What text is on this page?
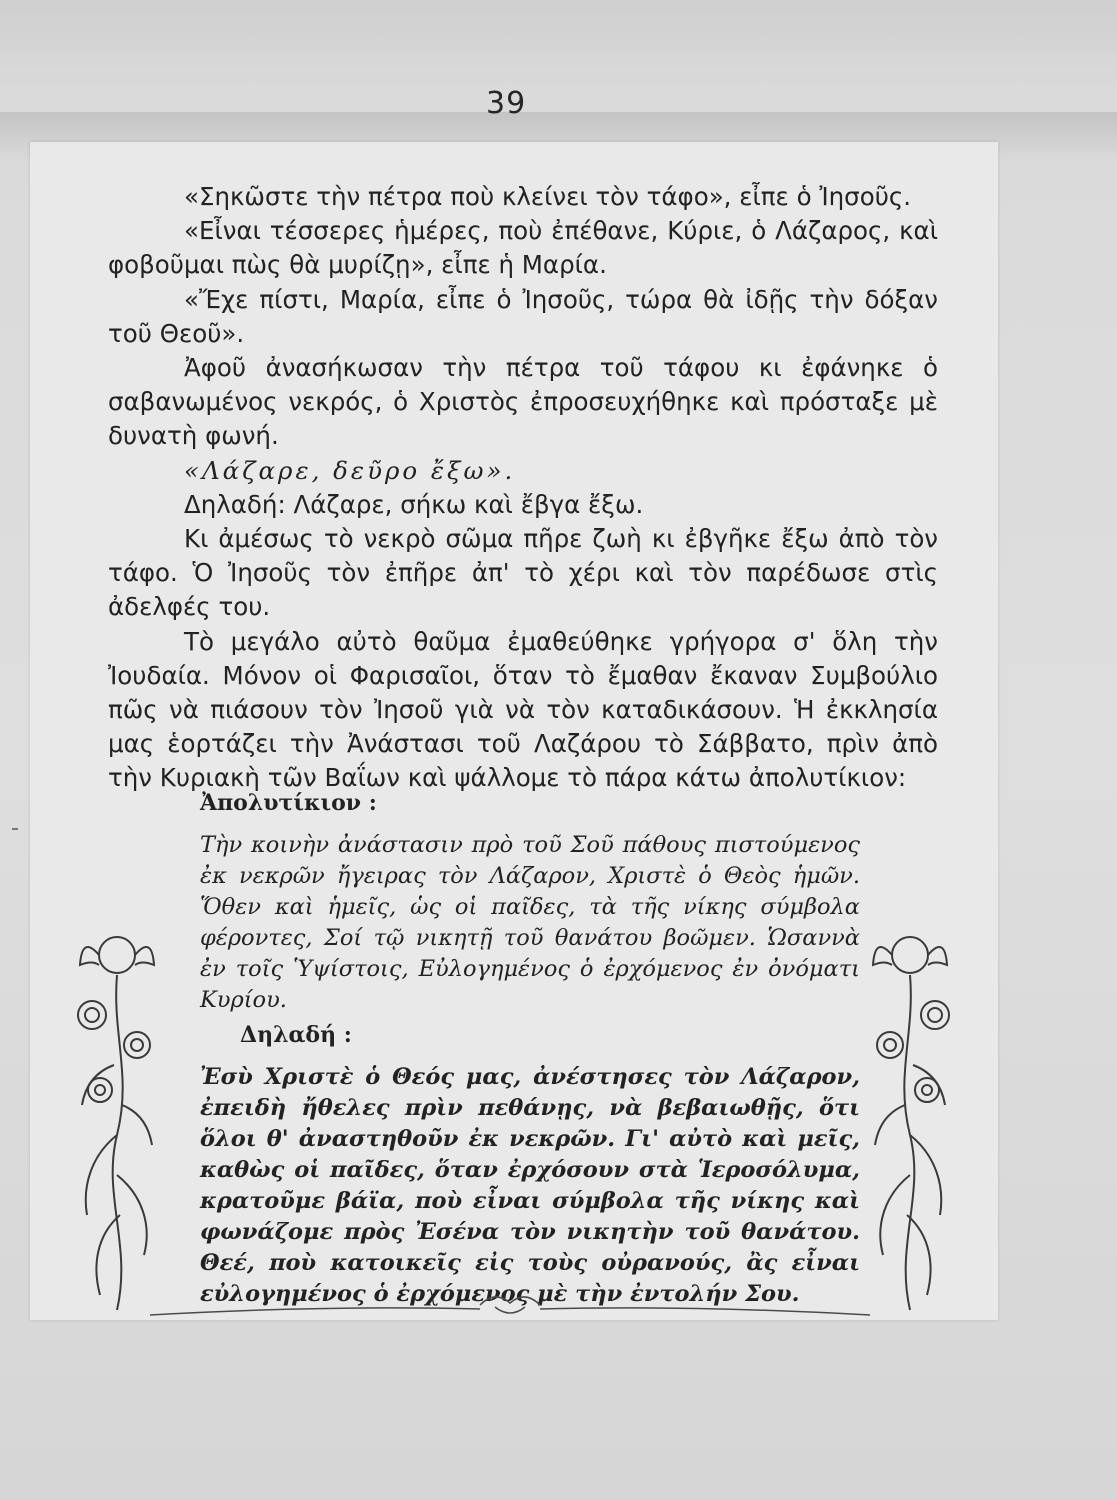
39

«Σηκῶστε τὴν πέτρα ποὺ κλείνει τὸν τάφο», εἶπε ὁ Ἰησοῦς.

«Εἶναι τέσσερες ἡμέρες, ποὺ ἐπέθανε, Κύριε, ὁ Λάζαρος, καὶ φοβοῦμαι πὼς θὰ μυρίζῃ», εἶπε ἡ Μαρία.

«Ἔχε πίστι, Μαρία, εἶπε ὁ Ἰησοῦς, τώρα θὰ ἰδῇς τὴν δόξαν τοῦ Θεοῦ».

Ἀφοῦ ἀνασήκωσαν τὴν πέτρα τοῦ τάφου κι ἐφάνηκε ὁ σαβανωμένος νεκρός, ὁ Χριστὸς ἐπροσευχήθηκε καὶ πρόσταξε μὲ δυνατὴ φωνή.

«Λάζαρε, δεῦρο ἔξω».

Δηλαδή: Λάζαρε, σήκω καὶ ἔβγα ἔξω.

Κι ἀμέσως τὸ νεκρὸ σῶμα πῆρε ζωὴ κι ἐβγῆκε ἔξω ἀπὸ τὸν τάφο. Ὁ Ἰησοῦς τὸν ἐπῆρε ἀπ' τὸ χέρι καὶ τὸν παρέδωσε στὶς ἀδελφές του.

Τὸ μεγάλο αὐτὸ θαῦμα ἐμαθεύθηκε γρήγορα σ' ὅλη τὴν Ἰουδαία. Μόνον οἱ Φαρισαῖοι, ὅταν τὸ ἔμαθαν ἔκαναν Συμβούλιο πῶς νὰ πιάσουν τὸν Ἰησοῦ γιὰ νὰ τὸν καταδικάσουν. Ἡ ἐκκλησία μας ἑορτάζει τὴν Ἀνάστασι τοῦ Λαζάρου τὸ Σάββατο, πρὶν ἀπὸ τὴν Κυριακὴ τῶν Βαΐων καὶ ψάλλομε τὸ πάρα κάτω ἀπολυτίκιον:

Ἀπολυτίκιον :

Τὴν κοινὴν ἀνάστασιν πρὸ τοῦ Σοῦ πάθους πιστούμενος ἐκ νεκρῶν ἤγειρας τὸν Λάζαρον, Χριστὲ ὁ Θεὸς ἡμῶν. Ὅθεν καὶ ἡμεῖς, ὡς οἱ παῖδες, τὰ τῆς νίκης σύμβολα φέροντες, Σοί τῷ νικητῇ τοῦ θανάτου βοῶμεν. Ὡσαννὰ ἐν τοῖς Ὑψίστοις, Εὐλογημένος ὁ ἐρχόμενος ἐν ὀνόματι Κυρίου.

Δηλαδή :

Ἐσὺ Χριστὲ ὁ Θεός μας, ἀνέστησες τὸν Λάζαρον, ἐπειδὴ ἤθελες πρὶν πεθάνῃς, νὰ βεβαιωθῇς, ὅτι ὅλοι θ' ἀναστηθοῦν ἐκ νεκρῶν. Γι' αὐτὸ καὶ μεῖς, καθὼς οἱ παῖδες, ὅταν ἐρχόσουν στὰ Ἱεροσόλυμα, κρατοῦμε βάϊα, ποὺ εἶναι σύμβολα τῆς νίκης καὶ φωνάζομε πρὸς Ἐσένα τὸν νικητὴν τοῦ θανάτου. Θεέ, ποὺ κατοικεῖς εἰς τοὺς οὐρανούς, ἂς εἶναι εὐλογημένος ὁ ἐρχόμενος μὲ τὴν ἐντολήν Σου.
